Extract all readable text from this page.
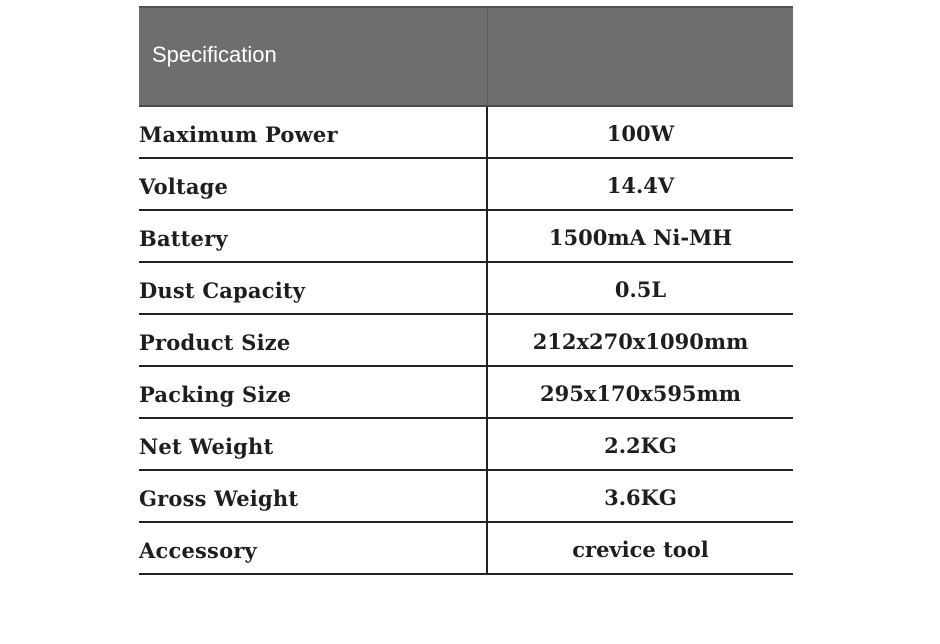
Specification
Maximum Power	100W
Voltage	14.4V
Battery	1500mA Ni-MH
Dust Capacity	0.5L
Product Size	212x270x1090mm
Packing Size	295x170x595mm
Net Weight	2.2KG
Gross Weight	3.6KG
Accessory	crevice tool
